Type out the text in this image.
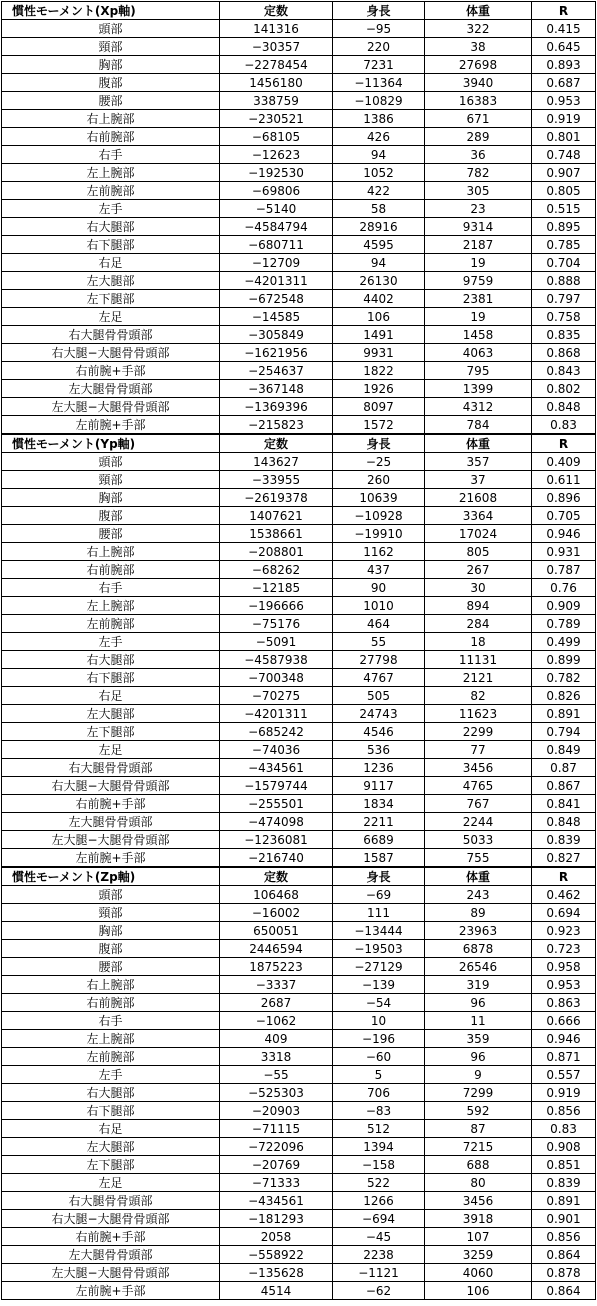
慣性モーメント(Xp軸)	定数	身長	体重	R
頭部	141316	−95	322	0.415
頸部	−30357	220	38	0.645
胸部	−2278454	7231	27698	0.893
腹部	1456180	−11364	3940	0.687
腰部	338759	−10829	16383	0.953
右上腕部	−230521	1386	671	0.919
右前腕部	−68105	426	289	0.801
右手	−12623	94	36	0.748
左上腕部	−192530	1052	782	0.907
左前腕部	−69806	422	305	0.805
左手	−5140	58	23	0.515
右大腿部	−4584794	28916	9314	0.895
右下腿部	−680711	4595	2187	0.785
右足	−12709	94	19	0.704
左大腿部	−4201311	26130	9759	0.888
左下腿部	−672548	4402	2381	0.797
左足	−14585	106	19	0.758
右大腿骨骨頭部	−305849	1491	1458	0.835
右大腿−大腿骨骨頭部	−1621956	9931	4063	0.868
右前腕+手部	−254637	1822	795	0.843
左大腿骨骨頭部	−367148	1926	1399	0.802
左大腿−大腿骨骨頭部	−1369396	8097	4312	0.848
左前腕+手部	−215823	1572	784	0.83
慣性モーメント(Yp軸)	定数	身長	体重	R
頭部	143627	−25	357	0.409
頸部	−33955	260	37	0.611
胸部	−2619378	10639	21608	0.896
腹部	1407621	−10928	3364	0.705
腰部	1538661	−19910	17024	0.946
右上腕部	−208801	1162	805	0.931
右前腕部	−68262	437	267	0.787
右手	−12185	90	30	0.76
左上腕部	−196666	1010	894	0.909
左前腕部	−75176	464	284	0.789
左手	−5091	55	18	0.499
右大腿部	−4587938	27798	11131	0.899
右下腿部	−700348	4767	2121	0.782
右足	−70275	505	82	0.826
左大腿部	−4201311	24743	11623	0.891
左下腿部	−685242	4546	2299	0.794
左足	−74036	536	77	0.849
右大腿骨骨頭部	−434561	1236	3456	0.87
右大腿−大腿骨骨頭部	−1579744	9117	4765	0.867
右前腕+手部	−255501	1834	767	0.841
左大腿骨骨頭部	−474098	2211	2244	0.848
左大腿−大腿骨骨頭部	−1236081	6689	5033	0.839
左前腕+手部	−216740	1587	755	0.827
慣性モーメント(Zp軸)	定数	身長	体重	R
頭部	106468	−69	243	0.462
頸部	−16002	111	89	0.694
胸部	650051	−13444	23963	0.923
腹部	2446594	−19503	6878	0.723
腰部	1875223	−27129	26546	0.958
右上腕部	−3337	−139	319	0.953
右前腕部	2687	−54	96	0.863
右手	−1062	10	11	0.666
左上腕部	409	−196	359	0.946
左前腕部	3318	−60	96	0.871
左手	−55	5	9	0.557
右大腿部	−525303	706	7299	0.919
右下腿部	−20903	−83	592	0.856
右足	−71115	512	87	0.83
左大腿部	−722096	1394	7215	0.908
左下腿部	−20769	−158	688	0.851
左足	−71333	522	80	0.839
右大腿骨骨頭部	−434561	1266	3456	0.891
右大腿−大腿骨骨頭部	−181293	−694	3918	0.901
右前腕+手部	2058	−45	107	0.856
左大腿骨骨頭部	−558922	2238	3259	0.864
左大腿−大腿骨骨頭部	−135628	−1121	4060	0.878
左前腕+手部	4514	−62	106	0.864
